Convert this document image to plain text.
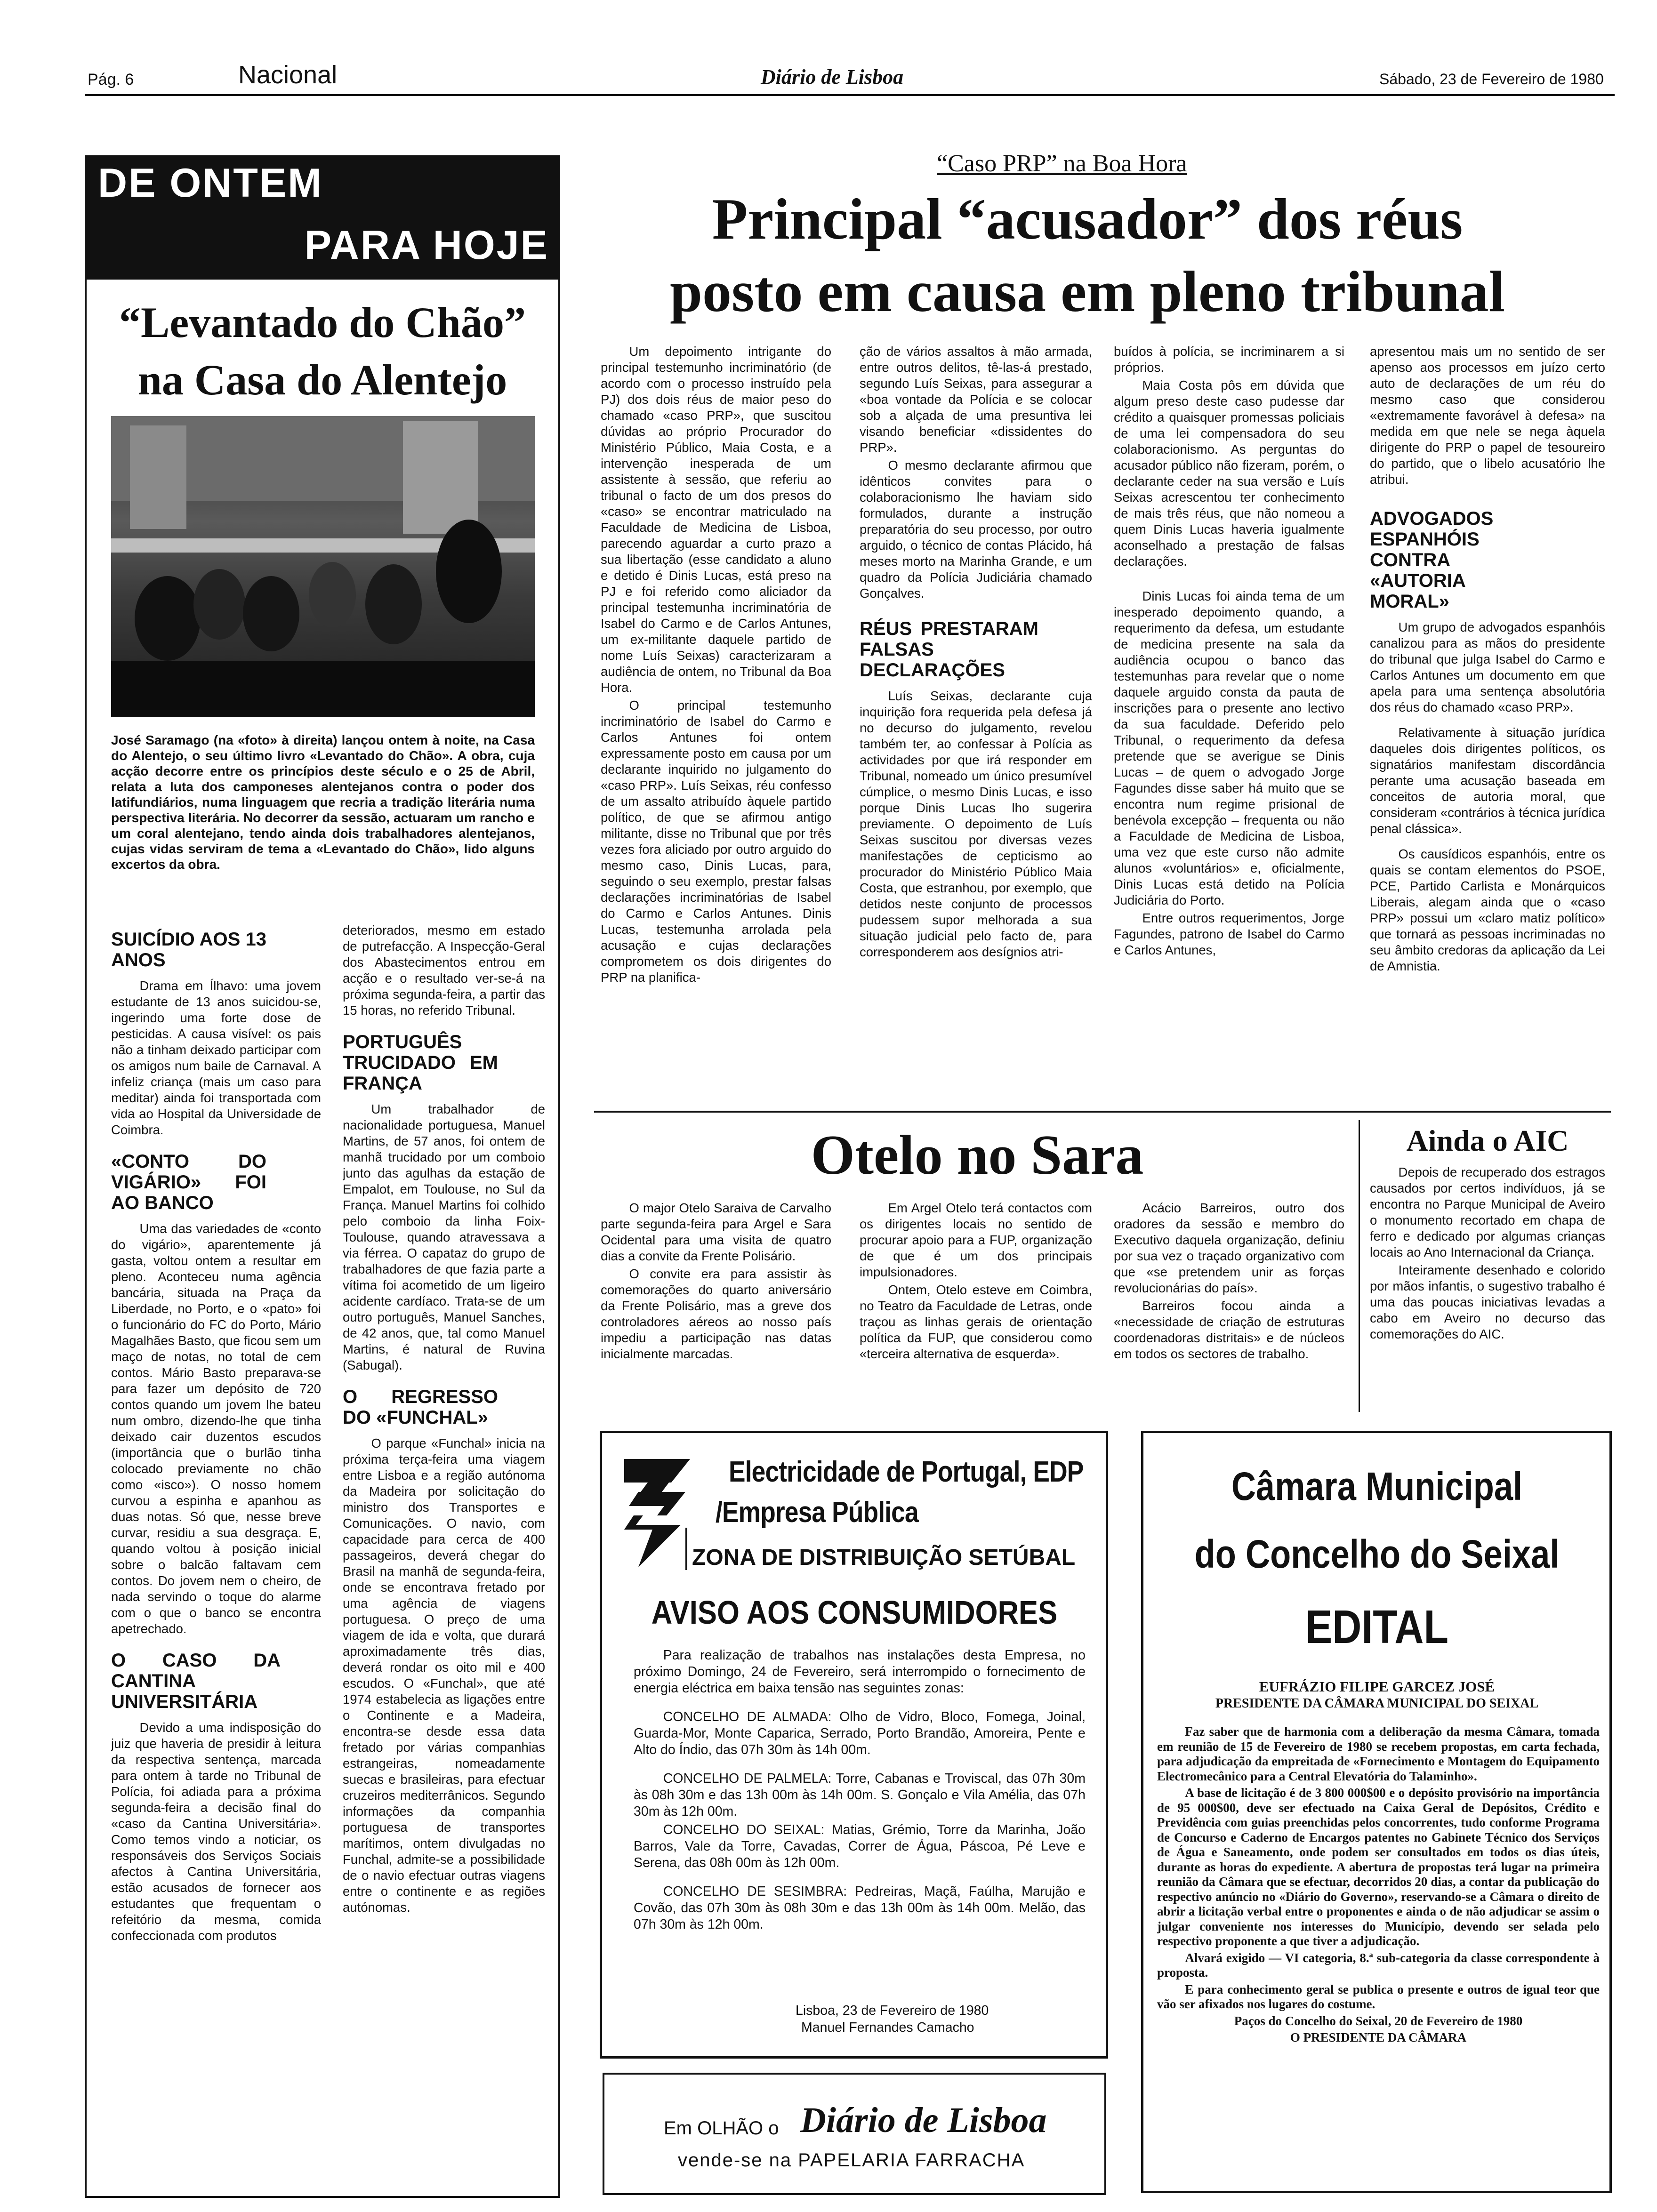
Pág. 6	Nacional	Diário de Lisboa	Sábado, 23 de Fevereiro de 1980
DE ONTEM
PARA HOJE
“Levantado do Chão”
na Casa do Alentejo
José Saramago (na «foto» à direita) lançou ontem à noite, na Casa do Alentejo, o seu último livro «Levantado do Chão». A obra, cuja acção decorre entre os princípios deste século e o 25 de Abril, relata a luta dos camponeses alentejanos contra o poder dos latifundiários, numa linguagem que recria a tradição literária numa perspectiva literária. No decorrer da sessão, actuaram um rancho e um coral alentejano, tendo ainda dois trabalhadores alentejanos, cujas vidas serviram de tema a «Levantado do Chão», lido alguns excertos da obra.
SUICÍDIO AOS 13 ANOS

Drama em Ílhavo: uma jovem estudante de 13 anos suicidou-se, ingerindo uma forte dose de pesticidas. A causa visível: os pais não a tinham deixado participar com os amigos num baile de Carnaval. A infeliz criança (mais um caso para meditar) ainda foi transportada com vida ao Hospital da Universidade de Coimbra.

«CONTO DO VIGÁRIO» FOI AO BANCO

Uma das variedades de «conto do vigário», aparentemente já gasta, voltou ontem a resultar em pleno. Aconteceu numa agência bancária, situada na Praça da Liberdade, no Porto, e o «pato» foi o funcionário do FC do Porto, Mário Magalhães Basto, que ficou sem um maço de notas, no total de cem contos. Mário Basto preparava-se para fazer um depósito de 720 contos quando um jovem lhe bateu num ombro, dizendo-lhe que tinha deixado cair duzentos escudos (importância que o burlão tinha colocado previamente no chão como «isco»). O nosso homem curvou a espinha e apanhou as duas notas. Só que, nesse breve curvar, residiu a sua desgraça. E, quando voltou à posição inicial sobre o balcão faltavam cem contos. Do jovem nem o cheiro, de nada servindo o toque do alarme com o que o banco se encontra apetrechado.

O CASO DA CANTINA UNIVERSITÁRIA

Devido a uma indisposição do juiz que haveria de presidir à leitura da respectiva sentença, marcada para ontem à tarde no Tribunal de Polícia, foi adiada para a próxima segunda-feira a decisão final do «caso da Cantina Universitária». Como temos vindo a noticiar, os responsáveis dos Serviços Sociais afectos à Cantina Universitária, estão acusados de fornecer aos estudantes que frequentam o refeitório da mesma, comida confeccionada com produtos

deteriorados, mesmo em estado de putrefacção. A Inspecção-Geral dos Abastecimentos entrou em acção e o resultado ver-se-á na próxima segunda-feira, a partir das 15 horas, no referido Tribunal.

PORTUGUÊS TRUCIDADO EM FRANÇA

Um trabalhador de nacionalidade portuguesa, Manuel Martins, de 57 anos, foi ontem de manhã trucidado por um comboio junto das agulhas da estação de Empalot, em Toulouse, no Sul da França. Manuel Martins foi colhido pelo comboio da linha Foix-Toulouse, quando atravessava a via férrea. O capataz do grupo de trabalhadores de que fazia parte a vítima foi acometido de um ligeiro acidente cardíaco. Trata-se de um outro português, Manuel Sanches, de 42 anos, que, tal como Manuel Martins, é natural de Ruvina (Sabugal).

O REGRESSO DO «FUNCHAL»

O parque «Funchal» inicia na próxima terça-feira uma viagem entre Lisboa e a região autónoma da Madeira por solicitação do ministro dos Transportes e Comunicações. O navio, com capacidade para cerca de 400 passageiros, deverá chegar do Brasil na manhã de segunda-feira, onde se encontrava fretado por uma agência de viagens portuguesa. O preço de uma viagem de ida e volta, que durará aproximadamente três dias, deverá rondar os oito mil e 400 escudos. O «Funchal», que até 1974 estabelecia as ligações entre o Continente e a Madeira, encontra-se desde essa data fretado por várias companhias estrangeiras, nomeadamente suecas e brasileiras, para efectuar cruzeiros mediterrânicos. Segundo informações da companhia portuguesa de transportes marítimos, ontem divulgadas no Funchal, admite-se a possibilidade de o navio efectuar outras viagens entre o continente e as regiões autónomas.

“Caso PRP” na Boa Hora
Principal “acusador” dos réus
posto em causa em pleno tribunal

Um depoimento intrigante do principal testemunho incriminatório (de acordo com o processo instruído pela PJ) dos dois réus de maior peso do chamado «caso PRP», que suscitou dúvidas ao próprio Procurador do Ministério Público, Maia Costa, e a intervenção inesperada de um assistente à sessão, que referiu ao tribunal o facto de um dos presos do «caso» se encontrar matriculado na Faculdade de Medicina de Lisboa, parecendo aguardar a curto prazo a sua libertação (esse candidato a aluno e detido é Dinis Lucas, está preso na PJ e foi referido como aliciador da principal testemunha incriminatória de Isabel do Carmo e de Carlos Antunes, um ex-militante daquele partido de nome Luís Seixas) caracterizaram a audiência de ontem, no Tribunal da Boa Hora.

O principal testemunho incriminatório de Isabel do Carmo e Carlos Antunes foi ontem expressamente posto em causa por um declarante inquirido no julgamento do «caso PRP». Luís Seixas, réu confesso de um assalto atribuído àquele partido político, de que se afirmou antigo militante, disse no Tribunal que por três vezes fora aliciado por outro arguido do mesmo caso, Dinis Lucas, para, seguindo o seu exemplo, prestar falsas declarações incriminatórias de Isabel do Carmo e Carlos Antunes. Dinis Lucas, testemunha arrolada pela acusação e cujas declarações comprometem os dois dirigentes do PRP na planifica-

ção de vários assaltos à mão armada, entre outros delitos, tê-las-á prestado, segundo Luís Seixas, para assegurar a «boa vontade da Polícia e se colocar sob a alçada de uma presuntiva lei visando beneficiar «dissidentes do PRP».

O mesmo declarante afirmou que idênticos convites para o colaboracionismo lhe haviam sido formulados, durante a instrução preparatória do seu processo, por outro arguido, o técnico de contas Plácido, há meses morto na Marinha Grande, e um quadro da Polícia Judiciária chamado Gonçalves.

RÉUS PRESTARAM FALSAS DECLARAÇÕES

Luís Seixas, declarante cuja inquirição fora requerida pela defesa já no decurso do julgamento, revelou também ter, ao confessar à Polícia as actividades por que irá responder em Tribunal, nomeado um único presumível cúmplice, o mesmo Dinis Lucas, e isso porque Dinis Lucas lho sugerira previamente. O depoimento de Luís Seixas suscitou por diversas vezes manifestações de cepticismo ao procurador do Ministério Público Maia Costa, que estranhou, por exemplo, que detidos neste conjunto de processos pudessem supor melhorada a sua situação judicial pelo facto de, para corresponderem aos desígnios atri-

buídos à polícia, se incriminarem a si próprios.

Maia Costa pôs em dúvida que algum preso deste caso pudesse dar crédito a quaisquer promessas policiais de uma lei compensadora do seu colaboracionismo. As perguntas do acusador público não fizeram, porém, o declarante ceder na sua versão e Luís Seixas acrescentou ter conhecimento de mais três réus, que não nomeou a quem Dinis Lucas haveria igualmente aconselhado a prestação de falsas declarações.

Dinis Lucas foi ainda tema de um inesperado depoimento quando, a requerimento da defesa, um estudante de medicina presente na sala da audiência ocupou o banco das testemunhas para revelar que o nome daquele arguido consta da pauta de inscrições para o presente ano lectivo da sua faculdade. Deferido pelo Tribunal, o requerimento da defesa pretende que se averigue se Dinis Lucas – de quem o advogado Jorge Fagundes disse saber há muito que se encontra num regime prisional de benévola excepção – frequenta ou não a Faculdade de Medicina de Lisboa, uma vez que este curso não admite alunos «voluntários» e, oficialmente, Dinis Lucas está detido na Polícia Judiciária do Porto.

Entre outros requerimentos, Jorge Fagundes, patrono de Isabel do Carmo e Carlos Antunes,

apresentou mais um no sentido de ser apenso aos processos em juízo certo auto de declarações de um réu do mesmo caso que considerou «extremamente favorável à defesa» na medida em que nele se nega àquela dirigente do PRP o papel de tesoureiro do partido, que o libelo acusatório lhe atribui.

ADVOGADOS ESPANHÓIS CONTRA «AUTORIA MORAL»

Um grupo de advogados espanhóis canalizou para as mãos do presidente do tribunal que julga Isabel do Carmo e Carlos Antunes um documento em que apela para uma sentença absolutória dos réus do chamado «caso PRP».

Relativamente à situação jurídica daqueles dois dirigentes políticos, os signatários manifestam discordância perante uma acusação baseada em conceitos de autoria moral, que consideram «contrários à técnica jurídica penal clássica».

Os causídicos espanhóis, entre os quais se contam elementos do PSOE, PCE, Partido Carlista e Monárquicos Liberais, alegam ainda que o «caso PRP» possui um «claro matiz político» que tornará as pessoas incriminadas no seu âmbito credoras da aplicação da Lei de Amnistia.

Otelo no Sara

O major Otelo Saraiva de Carvalho parte segunda-feira para Argel e Sara Ocidental para uma visita de quatro dias a convite da Frente Polisário.

O convite era para assistir às comemorações do quarto aniversário da Frente Polisário, mas a greve dos controladores aéreos ao nosso país impediu a participação nas datas inicialmente marcadas.

Em Argel Otelo terá contactos com os dirigentes locais no sentido de procurar apoio para a FUP, organização de que é um dos principais impulsionadores.

Ontem, Otelo esteve em Coimbra, no Teatro da Faculdade de Letras, onde traçou as linhas gerais de orientação política da FUP, que considerou como «terceira alternativa de esquerda».

Acácio Barreiros, outro dos oradores da sessão e membro do Executivo daquela organização, definiu por sua vez o traçado organizativo com que «se pretendem unir as forças revolucionárias do país».

Barreiros focou ainda a «necessidade de criação de estruturas coordenadoras distritais» e de núcleos em todos os sectores de trabalho.

Ainda o AIC

Depois de recuperado dos estragos causados por certos indivíduos, já se encontra no Parque Municipal de Aveiro o monumento recortado em chapa de ferro e dedicado por algumas crianças locais ao Ano Internacional da Criança.

Inteiramente desenhado e colorido por mãos infantis, o sugestivo trabalho é uma das poucas iniciativas levadas a cabo em Aveiro no decurso das comemorações do AIC.

Electricidade de Portugal, EDP
/Empresa Pública
ZONA DE DISTRIBUIÇÃO SETÚBAL
AVISO AOS CONSUMIDORES

Para realização de trabalhos nas instalações desta Empresa, no próximo Domingo, 24 de Fevereiro, será interrompido o fornecimento de energia eléctrica em baixa tensão nas seguintes zonas:

CONCELHO DE ALMADA: Olho de Vidro, Bloco, Fomega, Joinal, Guarda-Mor, Monte Caparica, Serrado, Porto Brandão, Amoreira, Pente e Alto do Índio, das 07h 30m às 14h 00m.

CONCELHO DE PALMELA: Torre, Cabanas e Troviscal, das 07h 30m às 08h 30m e das 13h 00m às 14h 00m. S. Gonçalo e Vila Amélia, das 07h 30m às 12h 00m.

CONCELHO DO SEIXAL: Matias, Grémio, Torre da Marinha, João Barros, Vale da Torre, Cavadas, Correr de Água, Páscoa, Pé Leve e Serena, das 08h 00m às 12h 00m.

CONCELHO DE SESIMBRA: Pedreiras, Maçã, Faúlha, Marujão e Covão, das 07h 30m às 08h 30m e das 13h 00m às 14h 00m. Melão, das 07h 30m às 12h 00m.

Lisboa, 23 de Fevereiro de 1980
Manuel Fernandes Camacho
Em OLHÃO o Diário de Lisboa
vende-se na PAPELARIA FARRACHA
Câmara Municipal
do Concelho do Seixal
EDITAL
EUFRÁZIO FILIPE GARCEZ JOSÉ
PRESIDENTE DA CÂMARA MUNICIPAL DO SEIXAL

Faz saber que de harmonia com a deliberação da mesma Câmara, tomada em reunião de 15 de Fevereiro de 1980 se recebem propostas, em carta fechada, para adjudicação da empreitada de «Fornecimento e Montagem do Equipamento Electromecânico para a Central Elevatória do Talaminho».

A base de licitação é de 3 800 000$00 e o depósito provisório na importância de 95 000$00, deve ser efectuado na Caixa Geral de Depósitos, Crédito e Previdência com guias preenchidas pelos concorrentes, tudo conforme Programa de Concurso e Caderno de Encargos patentes no Gabinete Técnico dos Serviços de Água e Saneamento, onde podem ser consultados em todos os dias úteis, durante as horas do expediente. A abertura de propostas terá lugar na primeira reunião da Câmara que se efectuar, decorridos 20 dias, a contar da publicação do respectivo anúncio no «Diário do Governo», reservando-se a Câmara o direito de abrir a licitação verbal entre o proponentes e ainda o de não adjudicar se assim o julgar conveniente nos interesses do Município, devendo ser selada pelo respectivo proponente a que tiver a adjudicação.

Alvará exigido — VI categoria, 8.ª sub-categoria da classe correspondente à proposta.

E para conhecimento geral se publica o presente e outros de igual teor que vão ser afixados nos lugares do costume.

Paços do Concelho do Seixal, 20 de Fevereiro de 1980

O PRESIDENTE DA CÂMARA
